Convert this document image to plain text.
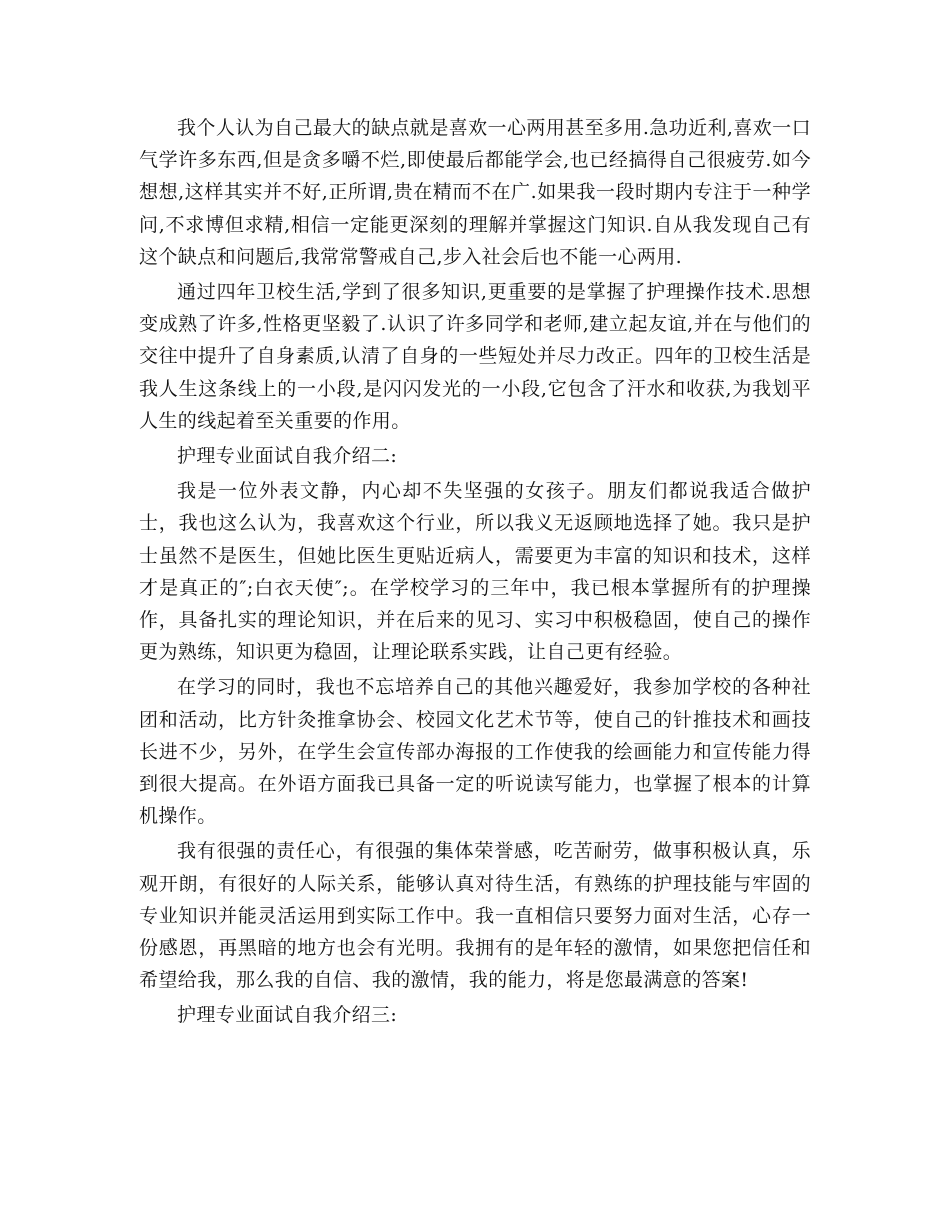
我个人认为自己最大的缺点就是喜欢一心两用甚至多用.急功近利,喜欢一口气学许多东西,但是贪多嚼不烂,即使最后都能学会,也已经搞得自己很疲劳.如今想想,这样其实并不好,正所谓,贵在精而不在广.如果我一段时期内专注于一种学问,不求博但求精,相信一定能更深刻的理解并掌握这门知识.自从我发现自己有这个缺点和问题后,我常常警戒自己,步入社会后也不能一心两用.

通过四年卫校生活,学到了很多知识,更重要的是掌握了护理操作技术.思想变成熟了许多,性格更坚毅了.认识了许多同学和老师,建立起友谊,并在与他们的交往中提升了自身素质,认清了自身的一些短处并尽力改正。四年的卫校生活是我人生这条线上的一小段,是闪闪发光的一小段,它包含了汗水和收获,为我划平人生的线起着至关重要的作用。

护理专业面试自我介绍二:

我是一位外表文静，内心却不失坚强的女孩子。朋友们都说我适合做护士，我也这么认为，我喜欢这个行业，所以我义无返顾地选择了她。我只是护士虽然不是医生，但她比医生更贴近病人，需要更为丰富的知识和技术，这样才是真正的″;白衣天使″;。在学校学习的三年中，我已根本掌握所有的护理操作，具备扎实的理论知识，并在后来的见习、实习中积极稳固，使自己的操作更为熟练，知识更为稳固，让理论联系实践，让自己更有经验。

在学习的同时，我也不忘培养自己的其他兴趣爱好，我参加学校的各种社团和活动，比方针灸推拿协会、校园文化艺术节等，使自己的针推技术和画技长进不少，另外，在学生会宣传部办海报的工作使我的绘画能力和宣传能力得到很大提高。在外语方面我已具备一定的听说读写能力，也掌握了根本的计算机操作。

我有很强的责任心，有很强的集体荣誉感，吃苦耐劳，做事积极认真，乐观开朗，有很好的人际关系，能够认真对待生活，有熟练的护理技能与牢固的专业知识并能灵活运用到实际工作中。我一直相信只要努力面对生活，心存一份感恩，再黑暗的地方也会有光明。我拥有的是年轻的激情，如果您把信任和希望给我，那么我的自信、我的激情，我的能力，将是您最满意的答案!

护理专业面试自我介绍三:
